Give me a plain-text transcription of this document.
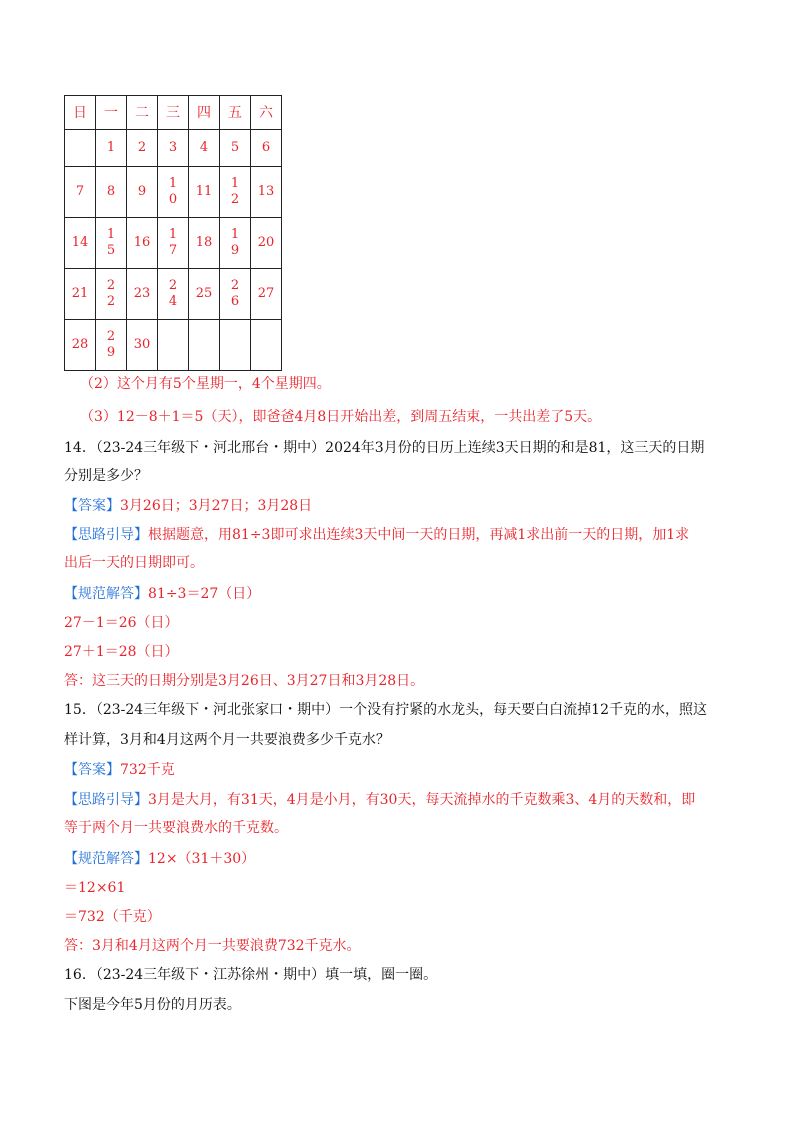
日	一	二	三	四	五	六
	1	2	3	4	5	6
7	8	9	10	11	12	13
14	15	16	17	18	19	20
21	22	23	24	25	26	27
28	29	30				
（2）这个月有5个星期一，4个星期四。
（3）12－8＋1＝5（天），即爸爸4月8日开始出差，到周五结束，一共出差了5天。
14．（23-24三年级下・河北邢台・期中）2024年3月份的日历上连续3天日期的和是81，这三天的日期
分别是多少？
【答案】3月26日；3月27日；3月28日
【思路引导】根据题意，用81÷3即可求出连续3天中间一天的日期，再减1求出前一天的日期，加1求
出后一天的日期即可。
【规范解答】81÷3＝27（日）
27－1＝26（日）
27＋1＝28（日）
答：这三天的日期分别是3月26日、3月27日和3月28日。
15．（23-24三年级下・河北张家口・期中）一个没有拧紧的水龙头，每天要白白流掉12千克的水，照这
样计算，3月和4月这两个月一共要浪费多少千克水？
【答案】732千克
【思路引导】3月是大月，有31天，4月是小月，有30天，每天流掉水的千克数乘3、4月的天数和，即
等于两个月一共要浪费水的千克数。
【规范解答】12×（31＋30）
＝12×61
＝732（千克）
答：3月和4月这两个月一共要浪费732千克水。
16．（23-24三年级下・江苏徐州・期中）填一填，圈一圈。
下图是今年5月份的月历表。
